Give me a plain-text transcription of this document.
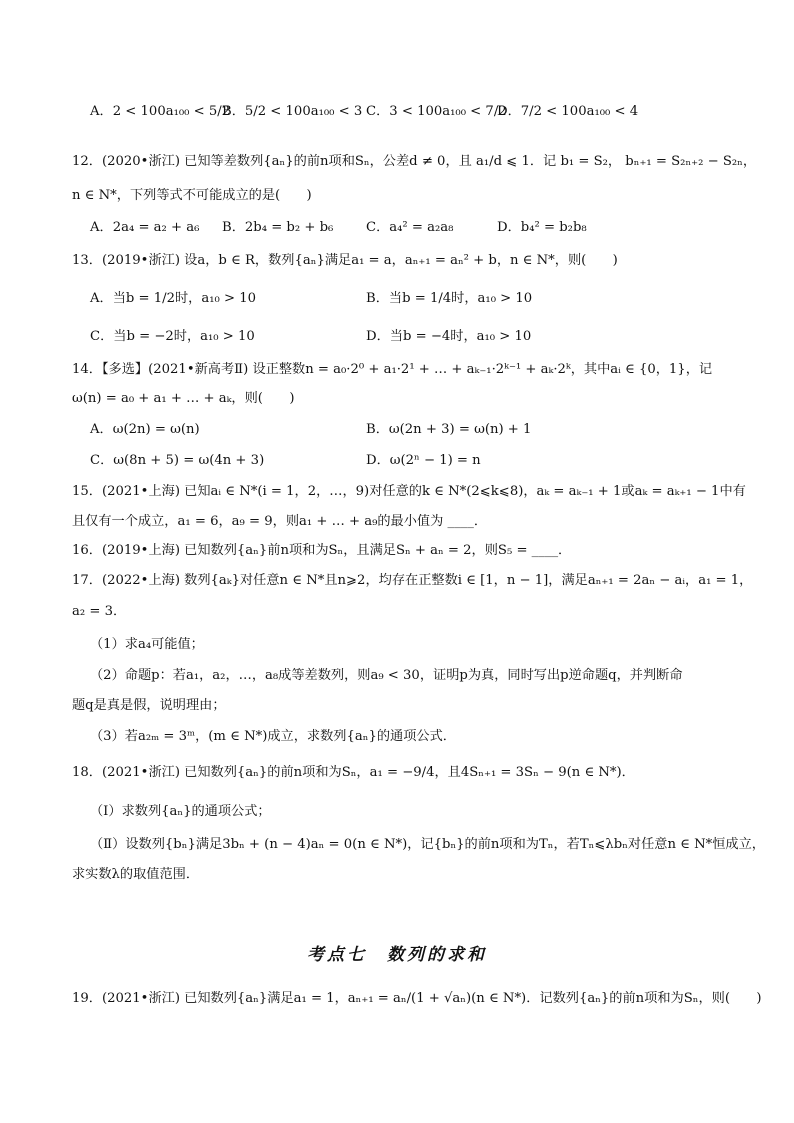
A．2 < 100a₁₀₀ < 5/2
B．5/2 < 100a₁₀₀ < 3 C．3 < 100a₁₀₀ < 7/2
D．7/2 < 100a₁₀₀ < 4
12．(2020•浙江) 已知等差数列{aₙ}的前n项和Sₙ，公差d ≠ 0，且 a₁/d ⩽ 1．记 b₁ = S₂， bₙ₊₁ = S₂ₙ₊₂ − S₂ₙ，
n ∈ N*，下列等式不可能成立的是(　　)
A．2a₄ = a₂ + a₆ B．2b₄ = b₂ + b₆ C．a₄² = a₂a₈	D．b₄² = b₂b₈
13．(2019•浙江) 设a，b ∈ R，数列{aₙ}满足a₁ = a，aₙ₊₁ = aₙ² + b，n ∈ N*，则(　　)
A．当b = 1/2时，a₁₀ > 10	B．当b = 1/4时，a₁₀ > 10
C．当b = −2时，a₁₀ > 10	D．当b = −4时，a₁₀ > 10
14．【多选】(2021•新高考Ⅱ) 设正整数n = a₀·2⁰ + a₁·2¹ + … + aₖ₋₁·2ᵏ⁻¹ + aₖ·2ᵏ，其中aᵢ ∈ {0，1}，记
ω(n) = a₀ + a₁ + … + aₖ，则(　　)
A．ω(2n) = ω(n)	B．ω(2n + 3) = ω(n) + 1
C．ω(8n + 5) = ω(4n + 3)	D．ω(2ⁿ − 1) = n
15．(2021•上海) 已知aᵢ ∈ N*(i = 1，2，…，9)对任意的k ∈ N*(2⩽k⩽8)，aₖ = aₖ₋₁ + 1或aₖ = aₖ₊₁ − 1中有
且仅有一个成立，a₁ = 6，a₉ = 9，则a₁ + … + a₉的最小值为 ____．
16．(2019•上海) 已知数列{aₙ}前n项和为Sₙ，且满足Sₙ + aₙ = 2，则S₅ = ____．
17．(2022•上海) 数列{aₖ}对任意n ∈ N*且n⩾2，均存在正整数i ∈ [1，n − 1]，满足aₙ₊₁ = 2aₙ − aᵢ，a₁ = 1，
a₂ = 3．
（1）求a₄可能值；
（2）命题p：若a₁，a₂，…，a₈成等差数列，则a₉ < 30，证明p为真，同时写出p逆命题q，并判断命
题q是真是假，说明理由；
（3）若a₂ₘ = 3ᵐ，(m ∈ N*)成立，求数列{aₙ}的通项公式．
18．(2021•浙江) 已知数列{aₙ}的前n项和为Sₙ，a₁ = −9/4，且4Sₙ₊₁ = 3Sₙ − 9(n ∈ N*)．
（Ⅰ）求数列{aₙ}的通项公式；
（Ⅱ）设数列{bₙ}满足3bₙ + (n − 4)aₙ = 0(n ∈ N*)，记{bₙ}的前n项和为Tₙ，若Tₙ⩽λbₙ对任意n ∈ N*恒成立，
求实数λ的取值范围．
考点七　数列的求和
19．(2021•浙江) 已知数列{aₙ}满足a₁ = 1，aₙ₊₁ = aₙ/(1 + √aₙ)(n ∈ N*)．记数列{aₙ}的前n项和为Sₙ，则(　　)
